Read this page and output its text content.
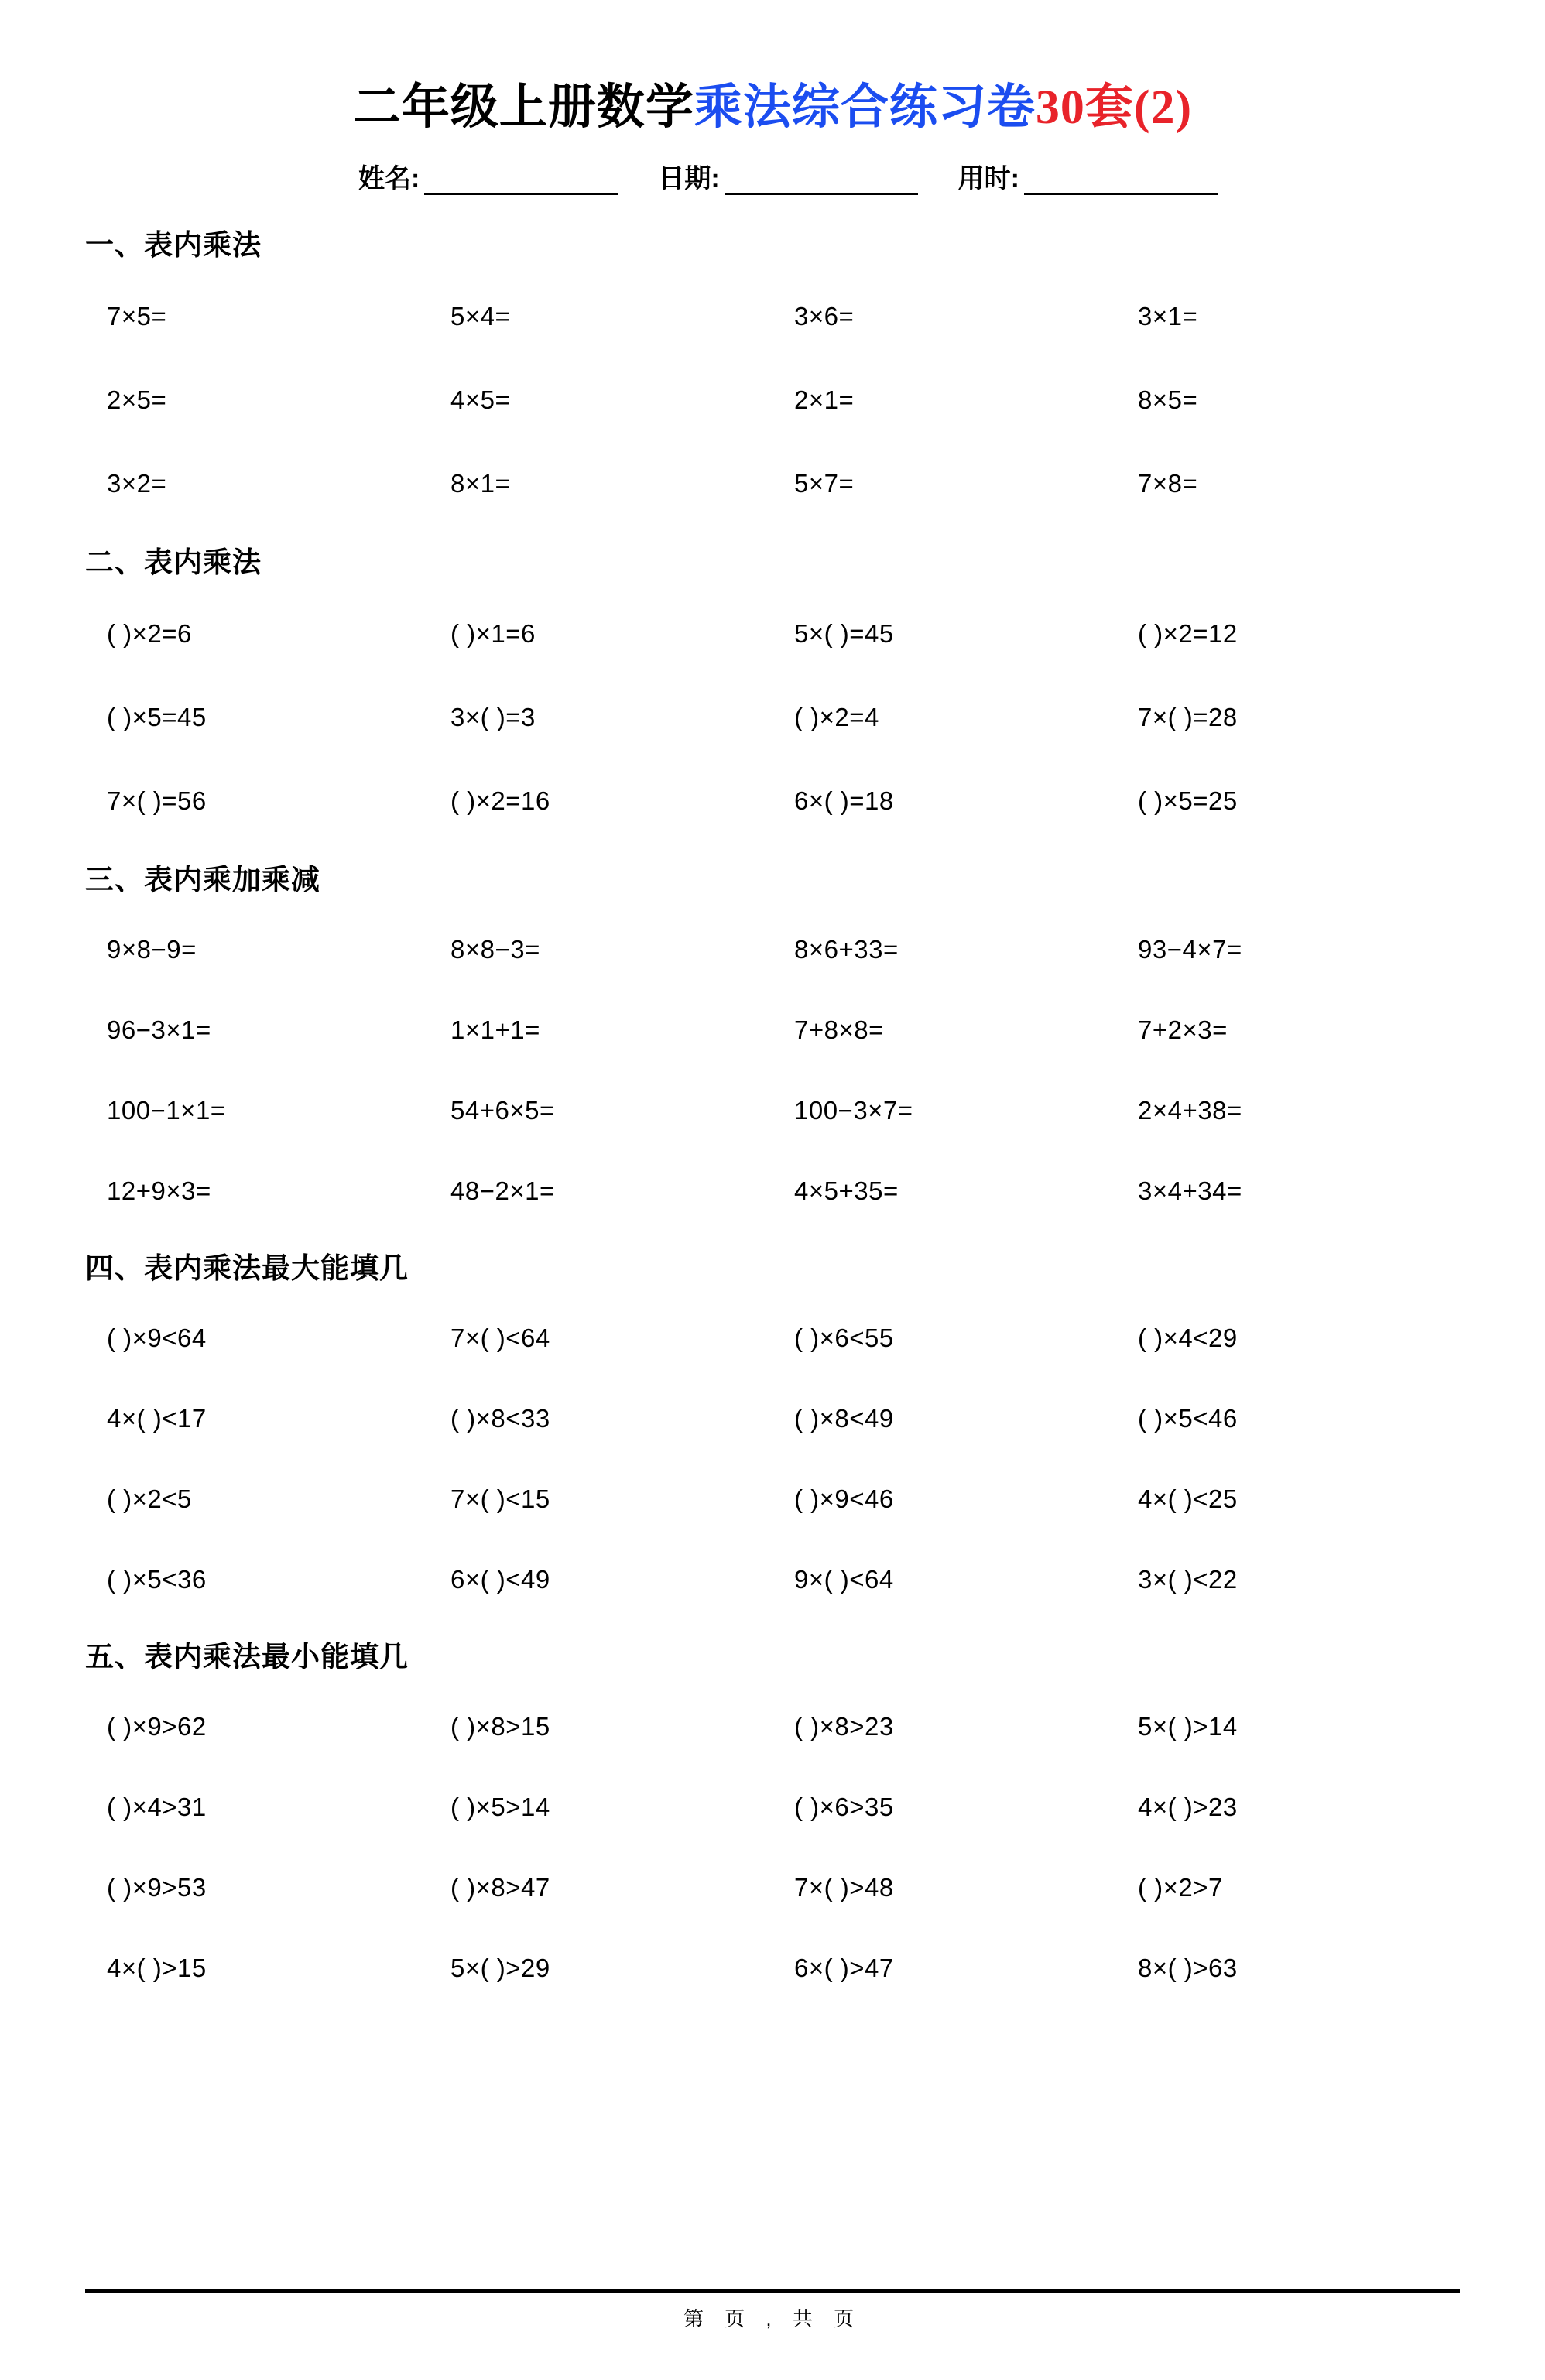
二年级上册数学乘法综合练习卷30套(2)
姓名:	日期:	用时:
一、表内乘法
7×5=	5×4=	3×6=	3×1=
2×5=	4×5=	2×1=	8×5=
3×2=	8×1=	5×7=	7×8=
二、表内乘法
( )×2=6	( )×1=6	5×( )=45	( )×2=12
( )×5=45	3×( )=3	( )×2=4	7×( )=28
7×( )=56	( )×2=16	6×( )=18	( )×5=25
三、表内乘加乘减
9×8−9=	8×8−3=	8×6+33=	93−4×7=
96−3×1=	1×1+1=	7+8×8=	7+2×3=
100−1×1=	54+6×5=	100−3×7=	2×4+38=
12+9×3=	48−2×1=	4×5+35=	3×4+34=
四、表内乘法最大能填几
( )×9<64	7×( )<64	( )×6<55	( )×4<29
4×( )<17	( )×8<33	( )×8<49	( )×5<46
( )×2<5	7×( )<15	( )×9<46	4×( )<25
( )×5<36	6×( )<49	9×( )<64	3×( )<22
五、表内乘法最小能填几
( )×9>62	( )×8>15	( )×8>23	5×( )>14
( )×4>31	( )×5>14	( )×6>35	4×( )>23
( )×9>53	( )×8>47	7×( )>48	( )×2>7
4×( )>15	5×( )>29	6×( )>47	8×( )>63
第 页 , 共 页
